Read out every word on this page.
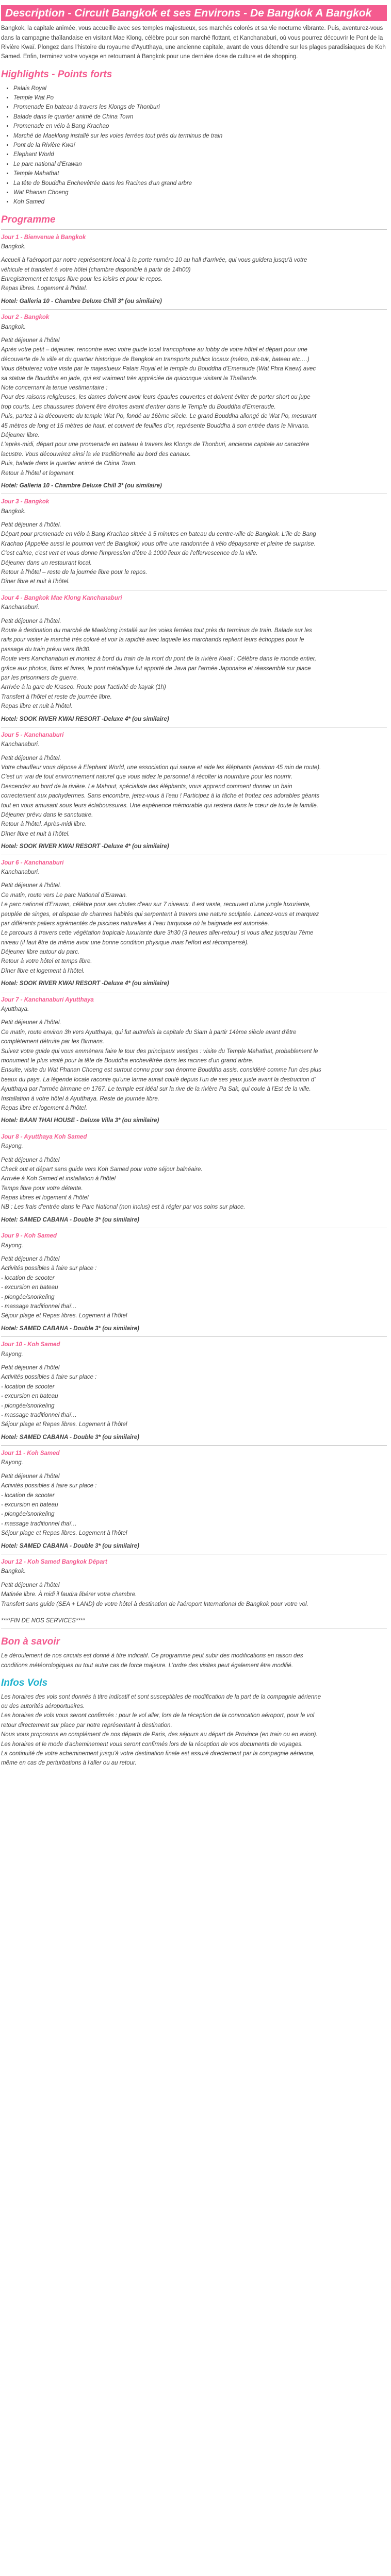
Description - Circuit Bangkok et ses Environs - De Bangkok A Bangkok

Bangkok, la capitale animée, vous accueille avec ses temples majestueux, ses marchés colorés et sa vie nocturne vibrante. Puis, aventurez-vous dans la campagne thaïlandaise en visitant Mae Klong, célèbre pour son marché flottant, et Kanchanaburi, où vous pourrez découvrir le Pont de la Rivière Kwaï. Plongez dans l'histoire du royaume d'Ayutthaya, une ancienne capitale, avant de vous détendre sur les plages paradisiaques de Koh Samed. Enfin, terminez votre voyage en retournant à Bangkok pour une dernière dose de culture et de shopping.

Highlights - Points forts
• Palais Royal
• Temple Wat Po
• Promenade En bateau à travers les Klongs de Thonburi
• Balade dans le quartier animé de China Town
• Promenade en vélo à Bang Krachao
• Marché de Maeklong installé sur les voies ferrées tout près du terminus de train
• Pont de la Rivière Kwaï
• Elephant World
• Le parc national d'Erawan
• Temple Mahathat
• La tête de Bouddha Enchevêtrée dans les Racines d'un grand arbre
• Wat Phanan Choeng
• Koh Samed
Programme
Jour 1 - Bienvenue à Bangkok
Bangkok.
Accueil à l'aéroport par notre représentant local à la porte numéro 10 au hall d'arrivée, qui vous guidera jusqu'à votre
véhicule et transfert à votre hôtel (chambre disponible à partir de 14h00)
Enregistrement et temps libre pour les loisirs et pour le repos.
Repas libres. Logement à l'hôtel.
Hotel: Galleria 10 - Chambre Deluxe Chill 3* (ou similaire)
Jour 2 - Bangkok
Bangkok.
Petit déjeuner à l'hôtel
Après votre petit – déjeuner, rencontre avec votre guide local francophone au lobby de votre hôtel et départ pour une
découverte de la ville et du quartier historique de Bangkok en transports publics locaux (métro, tuk-tuk, bateau etc….)
Vous débuterez votre visite par le majestueux Palais Royal et le temple du Bouddha d'Emeraude (Wat Phra Kaew) avec
sa statue de Bouddha en jade, qui est vraiment très appréciée de quiconque visitant la Thaïlande.
Note concernant la tenue vestimentaire :
Pour des raisons religieuses, les dames doivent avoir leurs épaules couvertes et doivent éviter de porter short ou jupe
trop courts. Les chaussures doivent être étroites avant d'entrer dans le Temple du Bouddha d'Emeraude.
Puis, partez à la découverte du temple Wat Po, fondé au 16ème siècle. Le grand Bouddha allongé de Wat Po, mesurant
45 mètres de long et 15 mètres de haut, et couvert de feuilles d'or, représente Bouddha à son entrée dans le Nirvana.
Déjeuner libre.
L'après-midi, départ pour une promenade en bateau à travers les Klongs de Thonburi, ancienne capitale au caractère
lacustre. Vous découvrirez ainsi la vie traditionnelle au bord des canaux.
Puis, balade dans le quartier animé de China Town.
Retour à l'hôtel et logement.
Hotel: Galleria 10 - Chambre Deluxe Chill 3* (ou similaire)
Jour 3 - Bangkok
Bangkok.
Petit déjeuner à l'hôtel.
Départ pour promenade en vélo à Bang Krachao située à 5 minutes en bateau du centre-ville de Bangkok. L'île de Bang
Krachao (Appelée aussi le poumon vert de Bangkok) vous offre une randonnée à vélo dépaysante et pleine de surprise.
C'est calme, c'est vert et vous donne l'impression d'être à 1000 lieux de l'effervescence de la ville.
Déjeuner dans un restaurant local.
Retour à l'hôtel – reste de la journée libre pour le repos.
Dîner libre et nuit à l'hôtel.
Jour 4 - Bangkok Mae Klong Kanchanaburi
Kanchanaburi.
Petit déjeuner à l'hôtel.
Route à destination du marché de Maeklong installé sur les voies ferrées tout près du terminus de train. Balade sur les
rails pour visiter le marché très coloré et voir la rapidité avec laquelle les marchands replient leurs échoppes pour le
passage du train prévu vers 8h30.
Route vers Kanchanaburi et montez à bord du train de la mort du pont de la rivière Kwaï : Célèbre dans le monde entier,
grâce aux photos, films et livres, le pont métallique fut apporté de Java par l'armée Japonaise et réassemblé sur place
par les prisonniers de guerre.
Arrivée à la gare de Kraseo. Route pour l'activité de kayak (1h)
Transfert à l'hôtel et reste de journée libre.
Repas libre et nuit à l'hôtel.
Hotel: SOOK RIVER KWAI RESORT -Deluxe 4* (ou similaire)
Jour 5 - Kanchanaburi
Kanchanaburi.
Petit déjeuner à l'hôtel.
Votre chauffeur vous dépose à Elephant World, une association qui sauve et aide les éléphants (environ 45 min de route).
C'est un vrai de tout environnement naturel que vous aidez le personnel à récolter la nourriture pour les nourrir.
Descendez au bord de la rivière. Le Mahout, spécialiste des éléphants, vous apprend comment donner un bain
correctement aux pachydermes. Sans encombre, jetez-vous à l'eau ! Participez à la tâche et frottez ces adorables géants
tout en vous amusant sous leurs éclaboussures. Une expérience mémorable qui restera dans le cœur de toute la famille.
Déjeuner prévu dans le sanctuaire.
Retour à l'hôtel. Après-midi libre.
Dîner libre et nuit à l'hôtel.
Hotel: SOOK RIVER KWAI RESORT -Deluxe 4* (ou similaire)
Jour 6 - Kanchanaburi
Kanchanaburi.
Petit déjeuner à l'hôtel.
Ce matin, route vers Le parc National d'Erawan.
Le parc national d'Erawan, célèbre pour ses chutes d'eau sur 7 niveaux. Il est vaste, recouvert d'une jungle luxuriante,
peuplée de singes, et dispose de charmes habités qui serpentent à travers une nature sculptée. Lancez-vous et marquez
par différents paliers agrémentés de piscines naturelles à l'eau turquoise où la baignade est autorisée.
Le parcours à travers cette végétation tropicale luxuriante dure 3h30 (3 heures aller-retour) si vous allez jusqu'au 7ème
niveau (il faut être de même avoir une bonne condition physique mais l'effort est récompensé).
Déjeuner libre autour du parc.
Retour à votre hôtel et temps libre.
Dîner libre et logement à l'hôtel.
Hotel: SOOK RIVER KWAI RESORT -Deluxe 4* (ou similaire)
Jour 7 - Kanchanaburi Ayutthaya
Ayutthaya.
Petit déjeuner à l'hôtel.
Ce matin, route environ 3h vers Ayutthaya, qui fut autrefois la capitale du Siam à partir 14ème siècle avant d'être
complètement détruite par les Birmans.
Suivez votre guide qui vous emmènera faire le tour des principaux vestiges : visite du Temple Mahathat, probablement le
monument le plus visité pour la tête de Bouddha enchevêtrée dans les racines d'un grand arbre.
Ensuite, visite du Wat Phanan Choeng est surtout connu pour son énorme Bouddha assis, considéré comme l'un des plus
beaux du pays. La légende locale raconte qu'une larme aurait coulé depuis l'un de ses yeux juste avant la destruction d'
Ayutthaya par l'armée birmane en 1767. Le temple est idéal sur la rive de la rivière Pa Sak, qui coule à l'Est de la ville.
Installation à votre hôtel à Ayutthaya. Reste de journée libre.
Repas libre et logement à l'hôtel.
Hotel: BAAN THAI HOUSE - Deluxe Villa 3* (ou similaire)
Jour 8 - Ayutthaya Koh Samed
Rayong.
Petit déjeuner à l'hôtel
Check out et départ sans guide vers Koh Samed pour votre séjour balnéaire.
Arrivée à Koh Samed et installation à l'hôtel
Temps libre pour votre détente.
Repas libres et logement à l'hôtel
NB : Les frais d'entrée dans le Parc National (non inclus) est à régler par vos soins sur place.
Hotel: SAMED CABANA - Double 3* (ou similaire)
Jour 9 - Koh Samed
Rayong.
Petit déjeuner à l'hôtel
Activités possibles à faire sur place :
- location de scooter
- excursion en bateau
- plongée/snorkeling
- massage traditionnel thaï…
Séjour plage et Repas libres. Logement à l'hôtel
Hotel: SAMED CABANA - Double 3* (ou similaire)
Jour 10 - Koh Samed
Rayong.
Petit déjeuner à l'hôtel
Activités possibles à faire sur place :
- location de scooter
- excursion en bateau
- plongée/snorkeling
- massage traditionnel thaï…
Séjour plage et Repas libres. Logement à l'hôtel
Hotel: SAMED CABANA - Double 3* (ou similaire)
Jour 11 - Koh Samed
Rayong.
Petit déjeuner à l'hôtel
Activités possibles à faire sur place :
- location de scooter
- excursion en bateau
- plongée/snorkeling
- massage traditionnel thaï…
Séjour plage et Repas libres. Logement à l'hôtel
Hotel: SAMED CABANA - Double 3* (ou similaire)
Jour 12 - Koh Samed Bangkok Départ
Bangkok.
Petit déjeuner à l'hôtel
Matinée libre. À midi il faudra libérer votre chambre.
Transfert sans guide (SEA + LAND) de votre hôtel à destination de l'aéroport International de Bangkok pour votre vol.
****FIN DE NOS SERVICES****
Bon à savoir
Le déroulement de nos circuits est donné à titre indicatif. Ce programme peut subir des modifications en raison des
conditions météorologiques ou tout autre cas de force majeure. L'ordre des visites peut également être modifié.
Infos Vols
Les horaires des vols sont donnés à titre indicatif et sont susceptibles de modification de la part de la compagnie aérienne
ou des autorités aéroportuaires.
Les horaires de vols vous seront confirmés : pour le vol aller, lors de la réception de la convocation aéroport, pour le vol
retour directement sur place par notre représentant à destination.
Nous vous proposons en complément de nos départs de Paris, des séjours au départ de Province (en train ou en avion).
Les horaires et le mode d'acheminement vous seront confirmés lors de la réception de vos documents de voyages.
La continuité de votre acheminement jusqu'à votre destination finale est assuré directement par la compagnie aérienne,
même en cas de perturbations à l'aller ou au retour.
